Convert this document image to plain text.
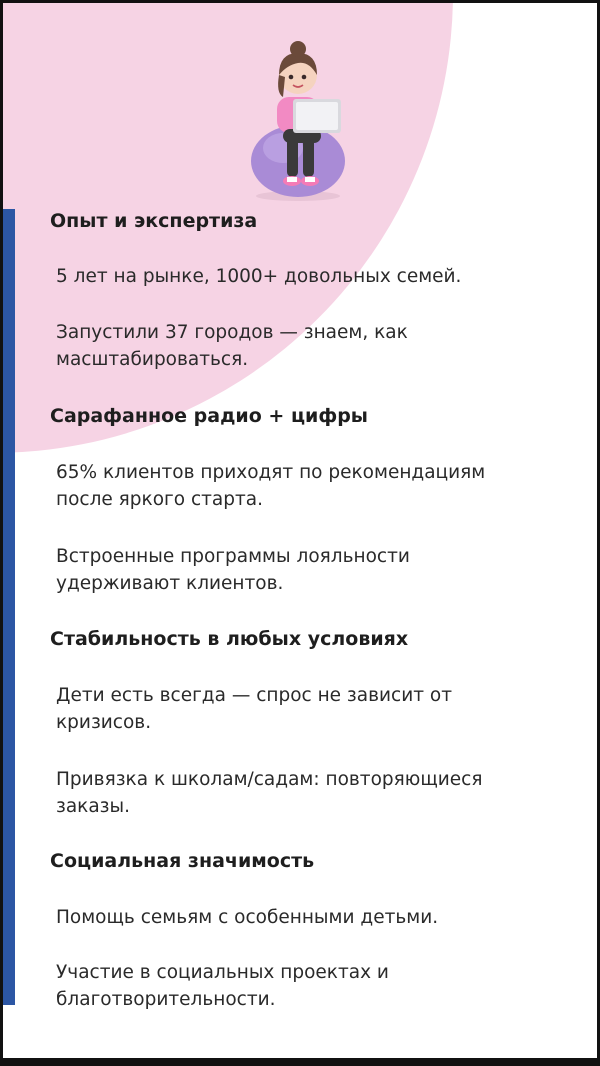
Опыт и экспертиза

5 лет на рынке, 1000+ довольных семей.

Запустили 37 городов — знаем, как масштабироваться.

Сарафанное радио + цифры

65% клиентов приходят по рекомендациям после яркого старта.

Встроенные программы лояльности удерживают клиентов.

Стабильность в любых условиях

Дети есть всегда — спрос не зависит от кризисов.

Привязка к школам/садам: повторяющиеся заказы.

Социальная значимость

Помощь семьям с особенными детьми.

Участие в социальных проектах и благотворительности.
